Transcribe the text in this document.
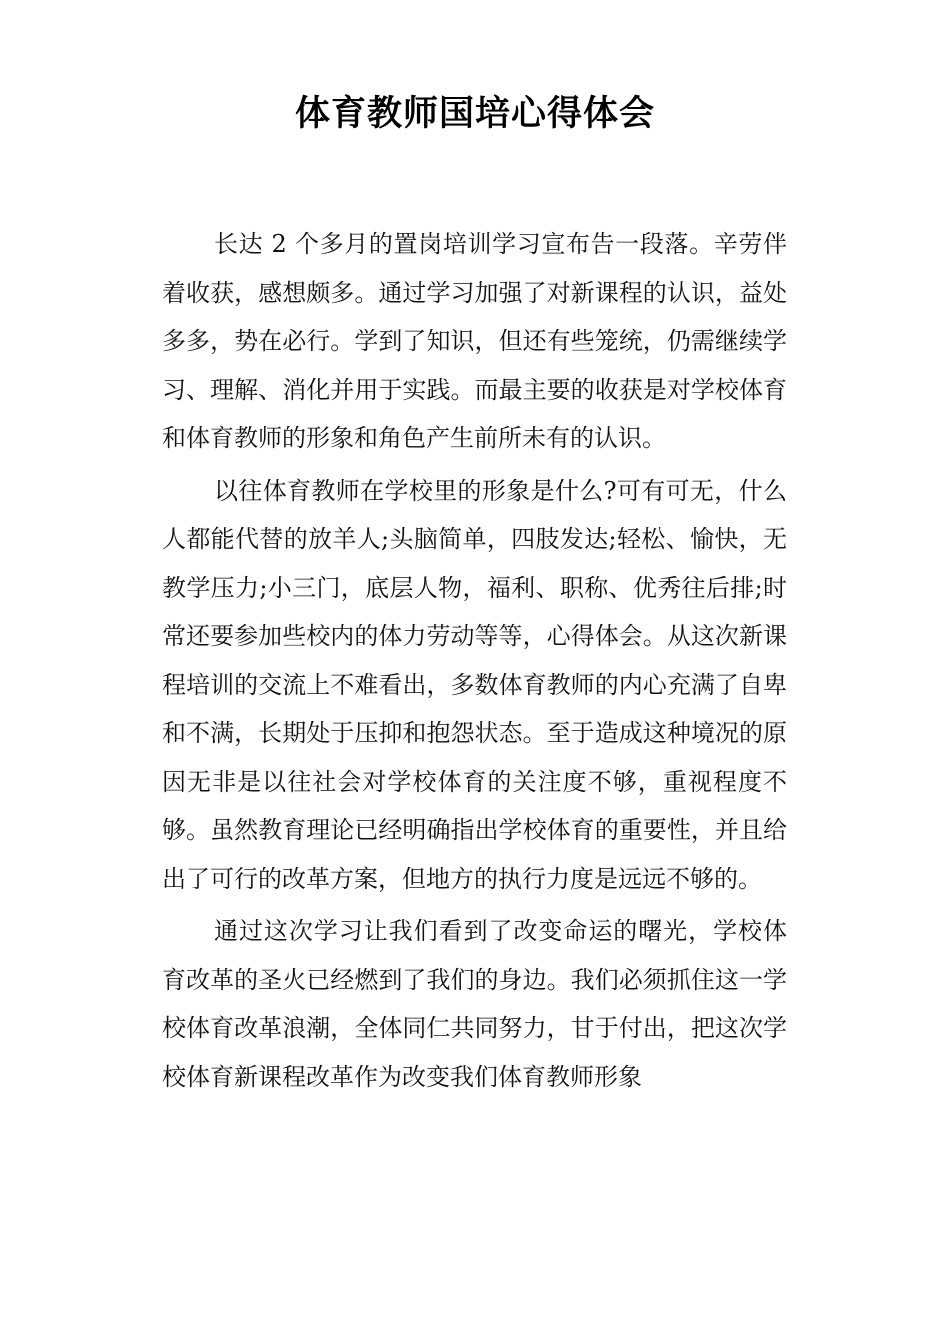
体育教师国培心得体会

长达 2 个多月的置岗培训学习宣布告一段落。辛劳伴着收获，感想颇多。通过学习加强了对新课程的认识，益处多多，势在必行。学到了知识，但还有些笼统，仍需继续学习、理解、消化并用于实践。而最主要的收获是对学校体育和体育教师的形象和角色产生前所未有的认识。

以往体育教师在学校里的形象是什么?可有可无，什么人都能代替的放羊人;头脑简单，四肢发达;轻松、愉快，无教学压力;小三门，底层人物，福利、职称、优秀往后排;时常还要参加些校内的体力劳动等等，心得体会。从这次新课程培训的交流上不难看出，多数体育教师的内心充满了自卑和不满，长期处于压抑和抱怨状态。至于造成这种境况的原因无非是以往社会对学校体育的关注度不够，重视程度不够。虽然教育理论已经明确指出学校体育的重要性，并且给出了可行的改革方案，但地方的执行力度是远远不够的。

通过这次学习让我们看到了改变命运的曙光，学校体育改革的圣火已经燃到了我们的身边。我们必须抓住这一学校体育改革浪潮，全体同仁共同努力，甘于付出，把这次学校体育新课程改革作为改变我们体育教师形象
